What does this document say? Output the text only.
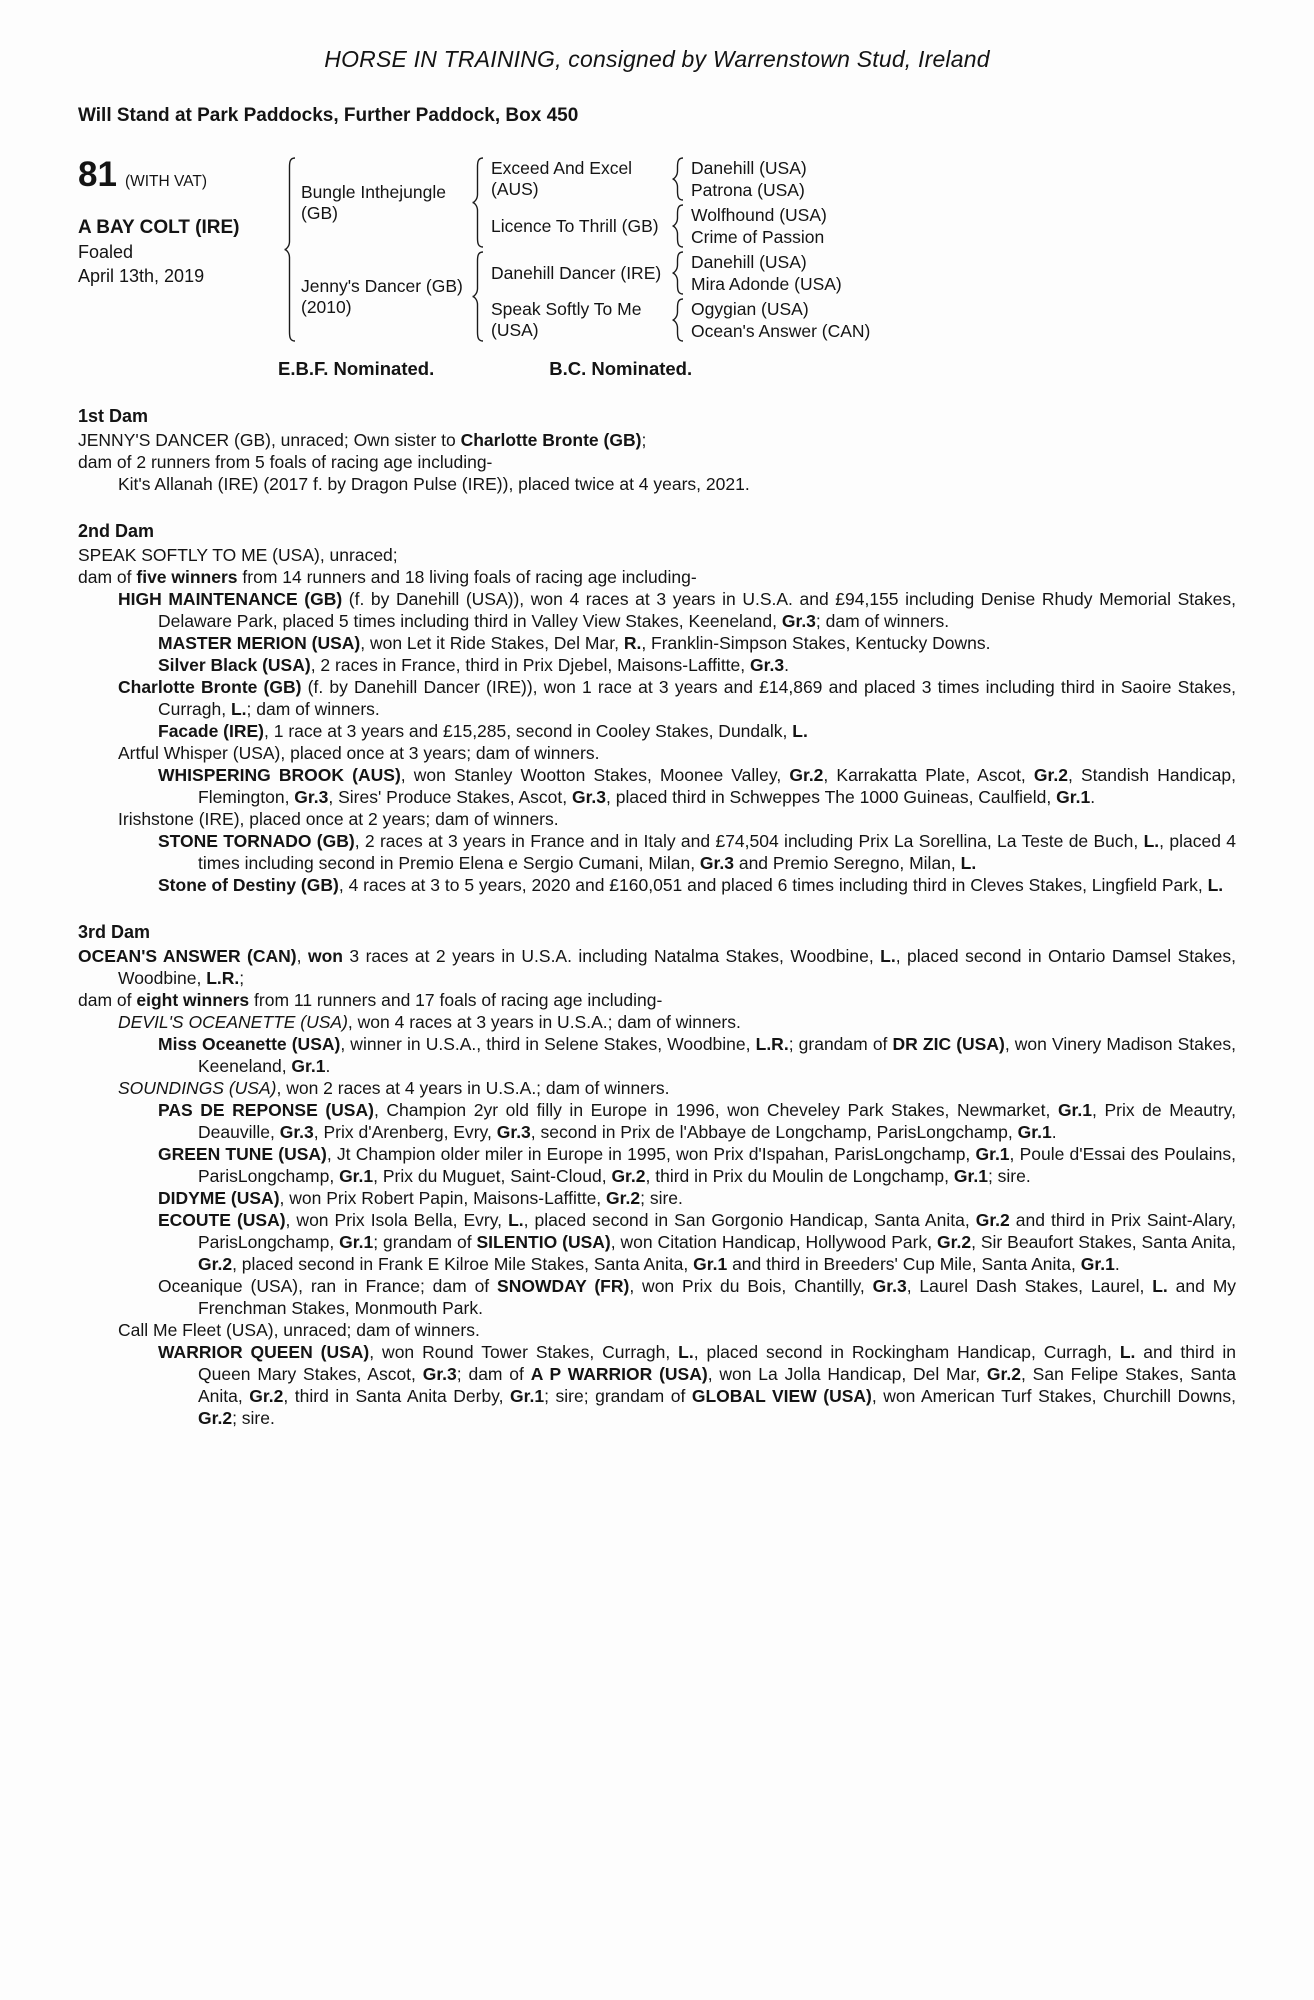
HORSE IN TRAINING, consigned by Warrenstown Stud, Ireland
Will Stand at Park Paddocks, Further Paddock, Box 450
81 (WITH VAT)
A BAY COLT (IRE)
Foaled
April 13th, 2019
Bungle Inthejungle (GB)
Exceed And Excel (AUS)
Danehill (USA)
Patrona (USA)
Licence To Thrill (GB)
Wolfhound (USA)
Crime of Passion
Jenny's Dancer (GB) (2010)
Danehill Dancer (IRE)
Danehill (USA)
Mira Adonde (USA)
Speak Softly To Me (USA)
Ogygian (USA)
Ocean's Answer (CAN)
E.B.F. Nominated.	B.C. Nominated.
1st Dam
JENNY'S DANCER (GB), unraced; Own sister to Charlotte Bronte (GB);
dam of 2 runners from 5 foals of racing age including-
Kit's Allanah (IRE) (2017 f. by Dragon Pulse (IRE)), placed twice at 4 years, 2021.
2nd Dam
SPEAK SOFTLY TO ME (USA), unraced;
dam of five winners from 14 runners and 18 living foals of racing age including-
HIGH MAINTENANCE (GB) (f. by Danehill (USA)), won 4 races at 3 years in U.S.A. and £94,155 including Denise Rhudy Memorial Stakes, Delaware Park, placed 5 times including third in Valley View Stakes, Keeneland, Gr.3; dam of winners.
MASTER MERION (USA), won Let it Ride Stakes, Del Mar, R., Franklin-Simpson Stakes, Kentucky Downs.
Silver Black (USA), 2 races in France, third in Prix Djebel, Maisons-Laffitte, Gr.3.
Charlotte Bronte (GB) (f. by Danehill Dancer (IRE)), won 1 race at 3 years and £14,869 and placed 3 times including third in Saoire Stakes, Curragh, L.; dam of winners.
Facade (IRE), 1 race at 3 years and £15,285, second in Cooley Stakes, Dundalk, L.
Artful Whisper (USA), placed once at 3 years; dam of winners.
WHISPERING BROOK (AUS), won Stanley Wootton Stakes, Moonee Valley, Gr.2, Karrakatta Plate, Ascot, Gr.2, Standish Handicap, Flemington, Gr.3, Sires' Produce Stakes, Ascot, Gr.3, placed third in Schweppes The 1000 Guineas, Caulfield, Gr.1.
Irishstone (IRE), placed once at 2 years; dam of winners.
STONE TORNADO (GB), 2 races at 3 years in France and in Italy and £74,504 including Prix La Sorellina, La Teste de Buch, L., placed 4 times including second in Premio Elena e Sergio Cumani, Milan, Gr.3 and Premio Seregno, Milan, L.
Stone of Destiny (GB), 4 races at 3 to 5 years, 2020 and £160,051 and placed 6 times including third in Cleves Stakes, Lingfield Park, L.
3rd Dam
OCEAN'S ANSWER (CAN), won 3 races at 2 years in U.S.A. including Natalma Stakes, Woodbine, L., placed second in Ontario Damsel Stakes, Woodbine, L.R.;
dam of eight winners from 11 runners and 17 foals of racing age including-
DEVIL'S OCEANETTE (USA), won 4 races at 3 years in U.S.A.; dam of winners.
Miss Oceanette (USA), winner in U.S.A., third in Selene Stakes, Woodbine, L.R.; grandam of DR ZIC (USA), won Vinery Madison Stakes, Keeneland, Gr.1.
SOUNDINGS (USA), won 2 races at 4 years in U.S.A.; dam of winners.
PAS DE REPONSE (USA), Champion 2yr old filly in Europe in 1996, won Cheveley Park Stakes, Newmarket, Gr.1, Prix de Meautry, Deauville, Gr.3, Prix d'Arenberg, Evry, Gr.3, second in Prix de l'Abbaye de Longchamp, ParisLongchamp, Gr.1.
GREEN TUNE (USA), Jt Champion older miler in Europe in 1995, won Prix d'Ispahan, ParisLongchamp, Gr.1, Poule d'Essai des Poulains, ParisLongchamp, Gr.1, Prix du Muguet, Saint-Cloud, Gr.2, third in Prix du Moulin de Longchamp, Gr.1; sire.
DIDYME (USA), won Prix Robert Papin, Maisons-Laffitte, Gr.2; sire.
ECOUTE (USA), won Prix Isola Bella, Evry, L., placed second in San Gorgonio Handicap, Santa Anita, Gr.2 and third in Prix Saint-Alary, ParisLongchamp, Gr.1; grandam of SILENTIO (USA), won Citation Handicap, Hollywood Park, Gr.2, Sir Beaufort Stakes, Santa Anita, Gr.2, placed second in Frank E Kilroe Mile Stakes, Santa Anita, Gr.1 and third in Breeders' Cup Mile, Santa Anita, Gr.1.
Oceanique (USA), ran in France; dam of SNOWDAY (FR), won Prix du Bois, Chantilly, Gr.3, Laurel Dash Stakes, Laurel, L. and My Frenchman Stakes, Monmouth Park.
Call Me Fleet (USA), unraced; dam of winners.
WARRIOR QUEEN (USA), won Round Tower Stakes, Curragh, L., placed second in Rockingham Handicap, Curragh, L. and third in Queen Mary Stakes, Ascot, Gr.3; dam of A P WARRIOR (USA), won La Jolla Handicap, Del Mar, Gr.2, San Felipe Stakes, Santa Anita, Gr.2, third in Santa Anita Derby, Gr.1; sire; grandam of GLOBAL VIEW (USA), won American Turf Stakes, Churchill Downs, Gr.2; sire.
